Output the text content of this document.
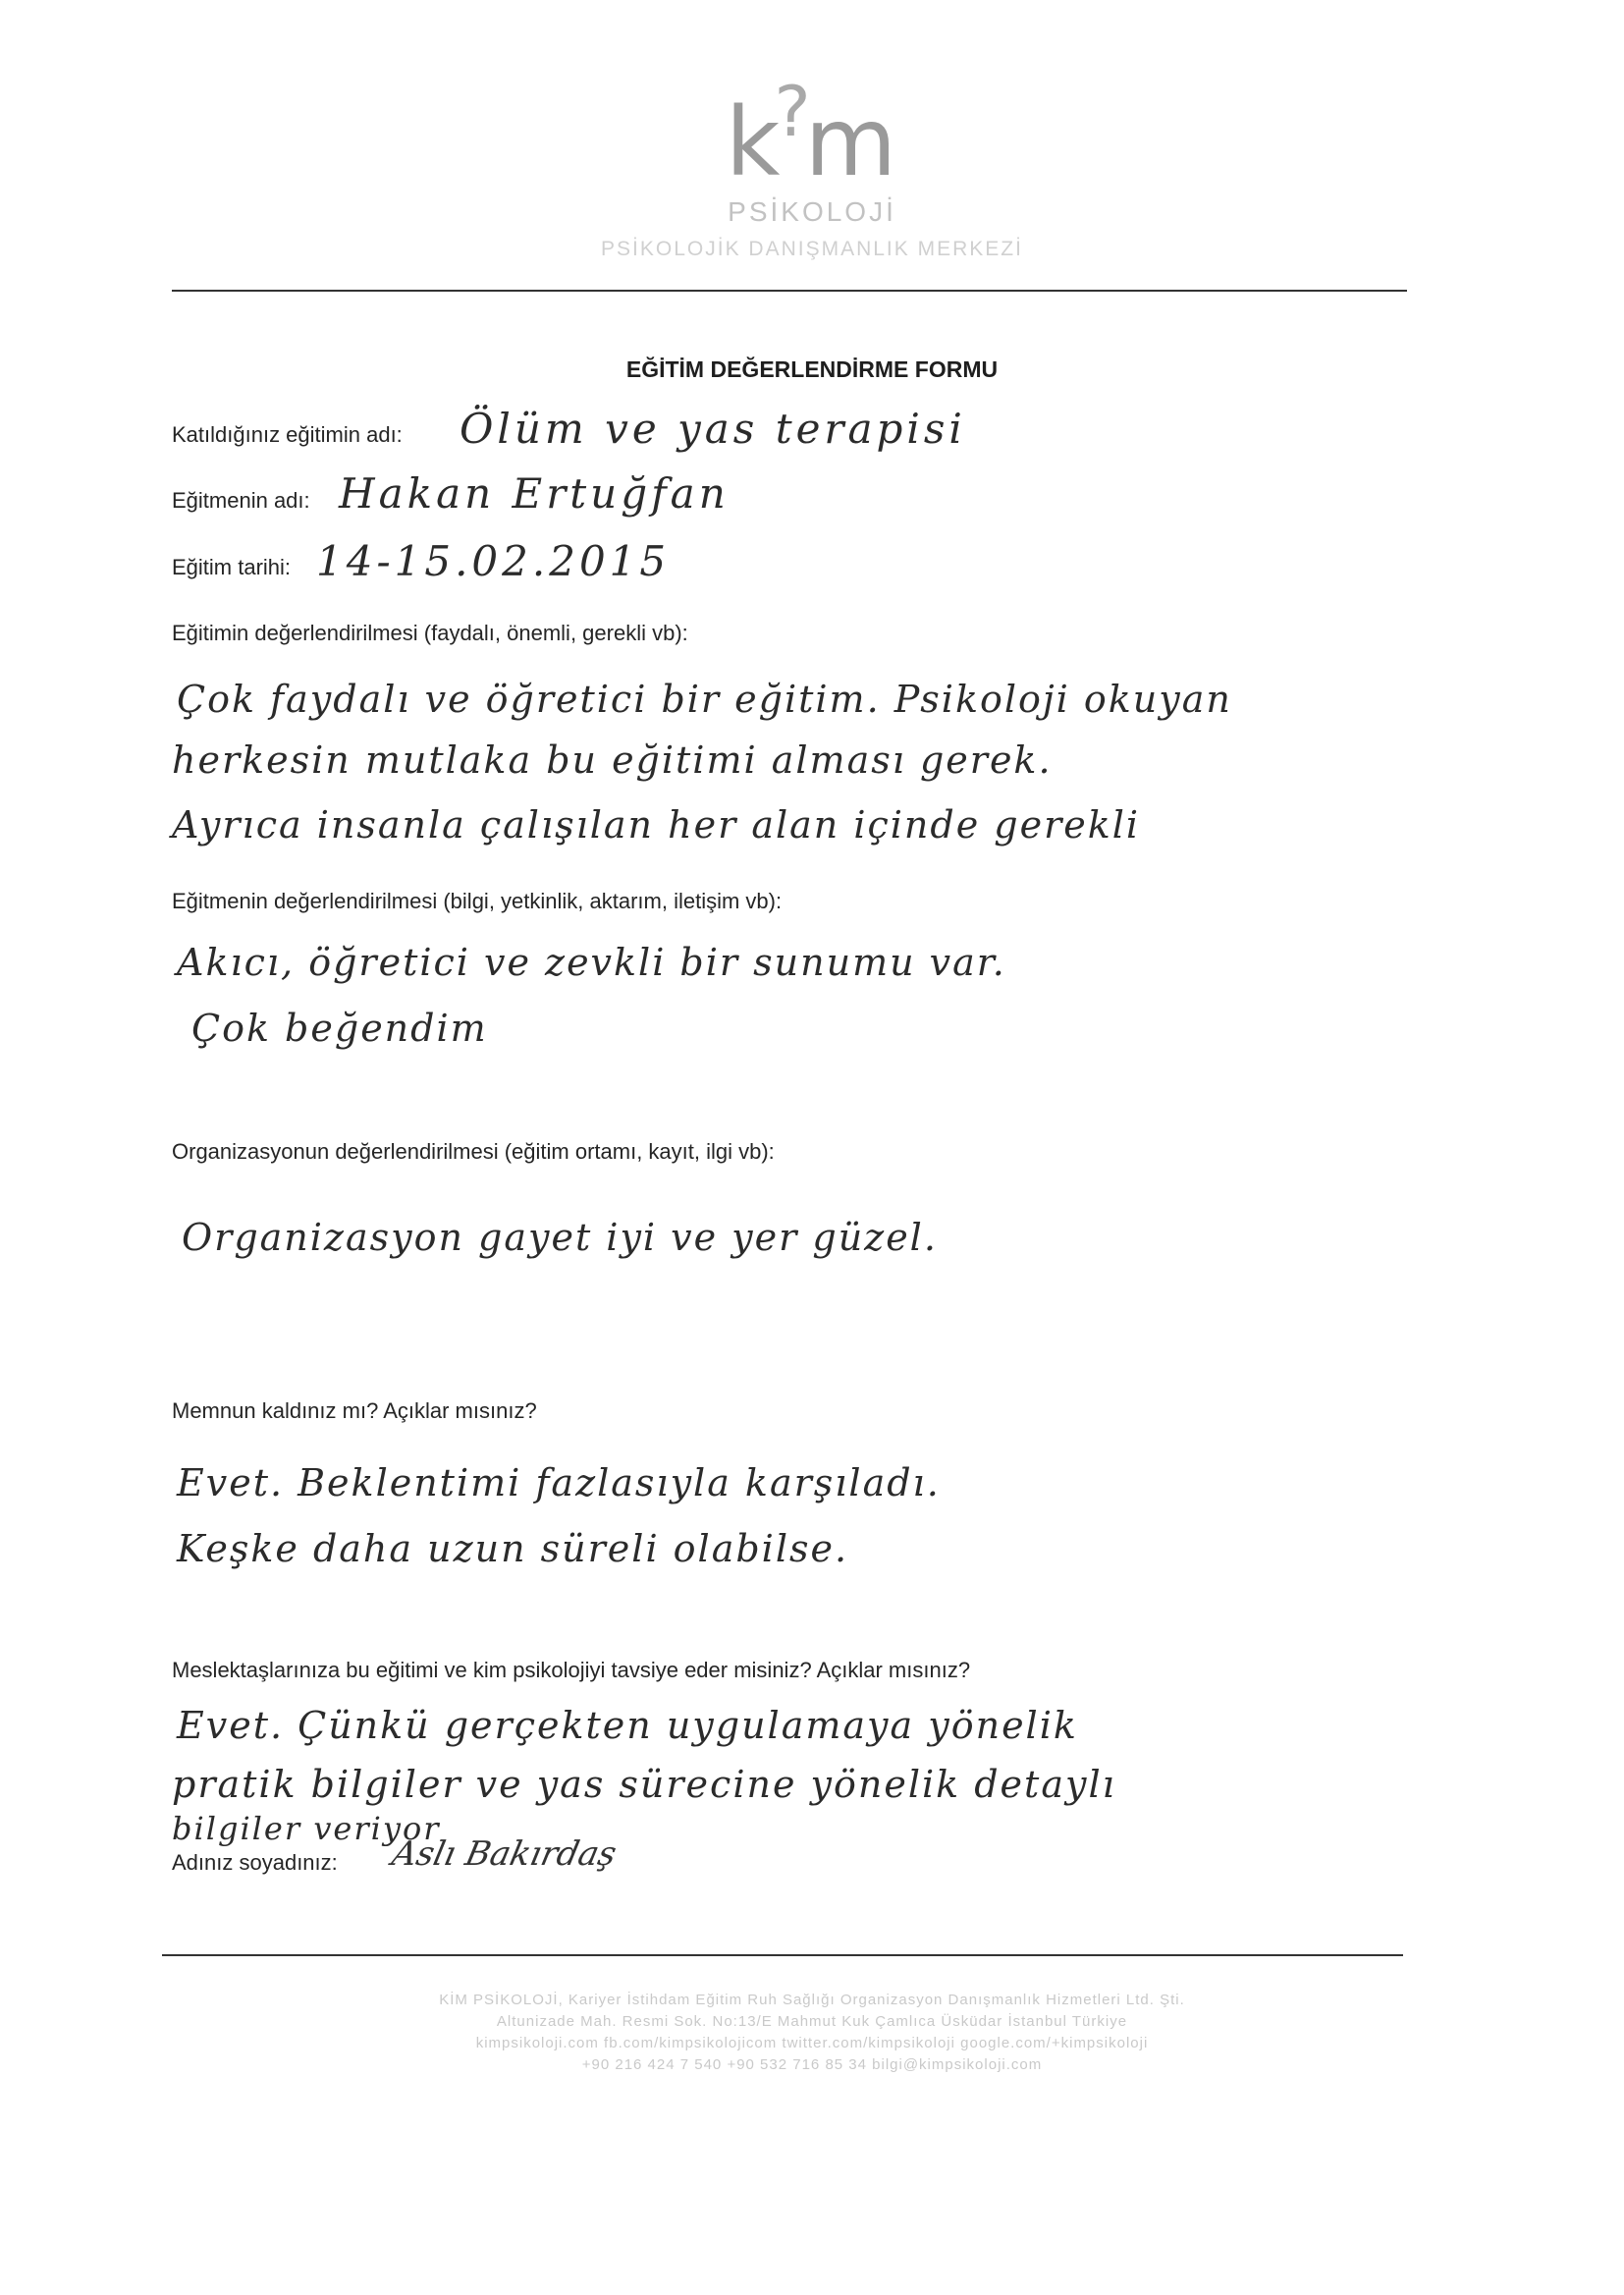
k?m
PSİKOLOJİ
PSİKOLOJİK DANIŞMANLIK MERKEZİ
EĞİTİM DEĞERLENDİRME FORMU
Katıldığınız eğitimin adı: Ölüm ve yas terapisi
Eğitmenin adı: Hakan Ertuğfan
Eğitim tarihi: 14-15.02.2015
Eğitimin değerlendirilmesi (faydalı, önemli, gerekli vb):
Çok faydalı ve öğretici bir eğitim. Psikoloji okuyan
herkesin mutlaka bu eğitimi alması gerek.
Ayrıca insanla çalışılan her alan içinde gerekli
Eğitmenin değerlendirilmesi (bilgi, yetkinlik, aktarım, iletişim vb):
Akıcı, öğretici ve zevkli bir sunumu var.
Çok beğendim
Organizasyonun değerlendirilmesi (eğitim ortamı, kayıt, ilgi vb):
Organizasyon gayet iyi ve yer güzel.
Memnun kaldınız mı? Açıklar mısınız?
Evet. Beklentimi fazlasıyla karşıladı.
Keşke daha uzun süreli olabilse.
Meslektaşlarınıza bu eğitimi ve kim psikolojiyi tavsiye eder misiniz? Açıklar mısınız?
Evet. Çünkü gerçekten uygulamaya yönelik
pratik bilgiler ve yas sürecine yönelik detaylı
bilgiler veriyor
Adınız soyadınız: Aslı Bakırdaş
KİM PSİKOLOJİ, Kariyer İstihdam Eğitim Ruh Sağlığı Organizasyon Danışmanlık Hizmetleri Ltd. Şti.
Altunizade Mah. Resmi Sok. No:13/E Mahmut Kuk Çamlıca Üsküdar İstanbul Türkiye
kimpsikoloji.com fb.com/kimpsikolojicom twitter.com/kimpsikoloji google.com/+kimpsikoloji
+90 216 424 7 540 +90 532 716 85 34 bilgi@kimpsikoloji.com
